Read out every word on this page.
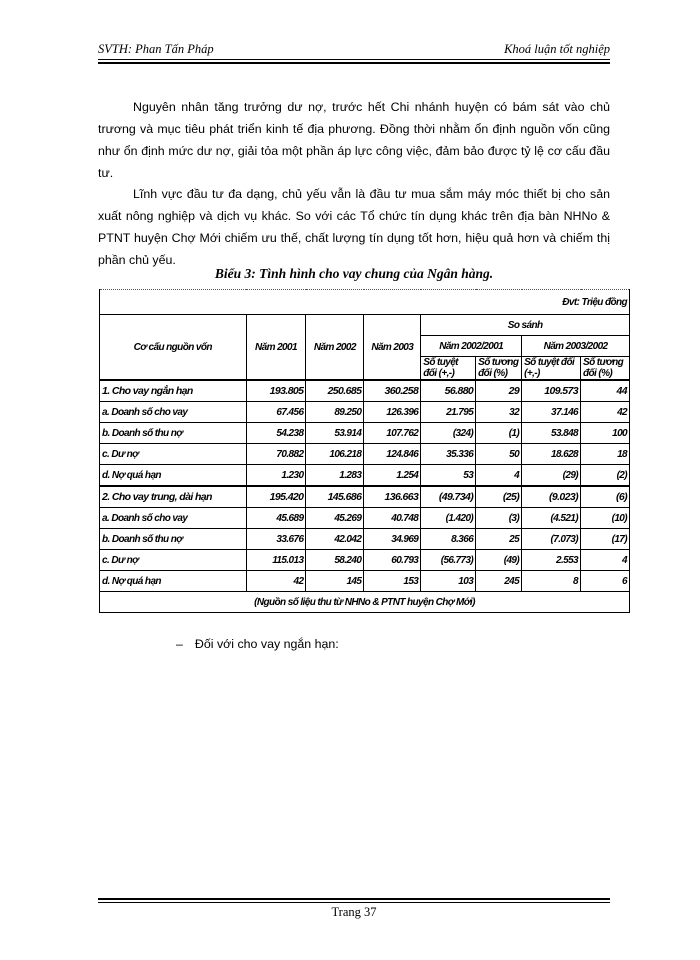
SVTH: Phan Tấn Pháp	Khoá luận tốt nghiệp
Nguyên nhân tăng trưởng dư nợ, trước hết Chi nhánh huyện có bám sát vào chủ trương và mục tiêu phát triển kinh tế địa phương. Đồng thời nhằm ổn định nguồn vốn cũng như ổn định mức dư nợ, giải tỏa một phần áp lực công việc, đảm bảo được tỷ lệ cơ cấu đầu tư.
Lĩnh vực đầu tư đa dạng, chủ yếu vẫn là đầu tư mua sắm máy móc thiết bị cho sản xuất nông nghiệp và dịch vụ khác. So với các Tổ chức tín dụng khác trên địa bàn NHNo & PTNT huyện Chợ Mới chiếm ưu thế, chất lượng tín dụng tốt hơn, hiệu quả hơn và chiếm thị phần chủ yếu.
Biểu 3: Tình hình cho vay chung của Ngân hàng.
Đvt: Triệu đồng							
Cơ cấu nguồn vốn	Năm 2001	Năm 2002	Năm 2003	So sánh			
				Năm 2002/2001		Năm 2003/2002	
				Số tuyệt đối (+,-)	Số tương đối (%)	Số tuyệt đối (+,-)	Số tương đối (%)

1. Cho vay ngắn hạn	193.805	250.685	360.258	56.880	29	109.573	44
a. Doanh số cho vay	67.456	89.250	126.396	21.795	32	37.146	42
b. Doanh số thu nợ	54.238	53.914	107.762	(324)	(1)	53.848	100
c. Dư nợ	70.882	106.218	124.846	35.336	50	18.628	18
d. Nợ quá hạn	1.230	1.283	1.254	53	4	(29)	(2)
2. Cho vay trung, dài hạn	195.420	145.686	136.663	(49.734)	(25)	(9.023)	(6)
a. Doanh số cho vay	45.689	45.269	40.748	(1.420)	(3)	(4.521)	(10)
b. Doanh số thu nợ	33.676	42.042	34.969	8.366	25	(7.073)	(17)
c. Dư nợ	115.013	58.240	60.793	(56.773)	(49)	2.553	4
d. Nợ quá hạn	42	145	153	103	245	8	6
(Nguồn số liệu thu từ NHNo & PTNT huyện Chợ Mới)							
– Đối với cho vay ngắn hạn:
Trang 37
